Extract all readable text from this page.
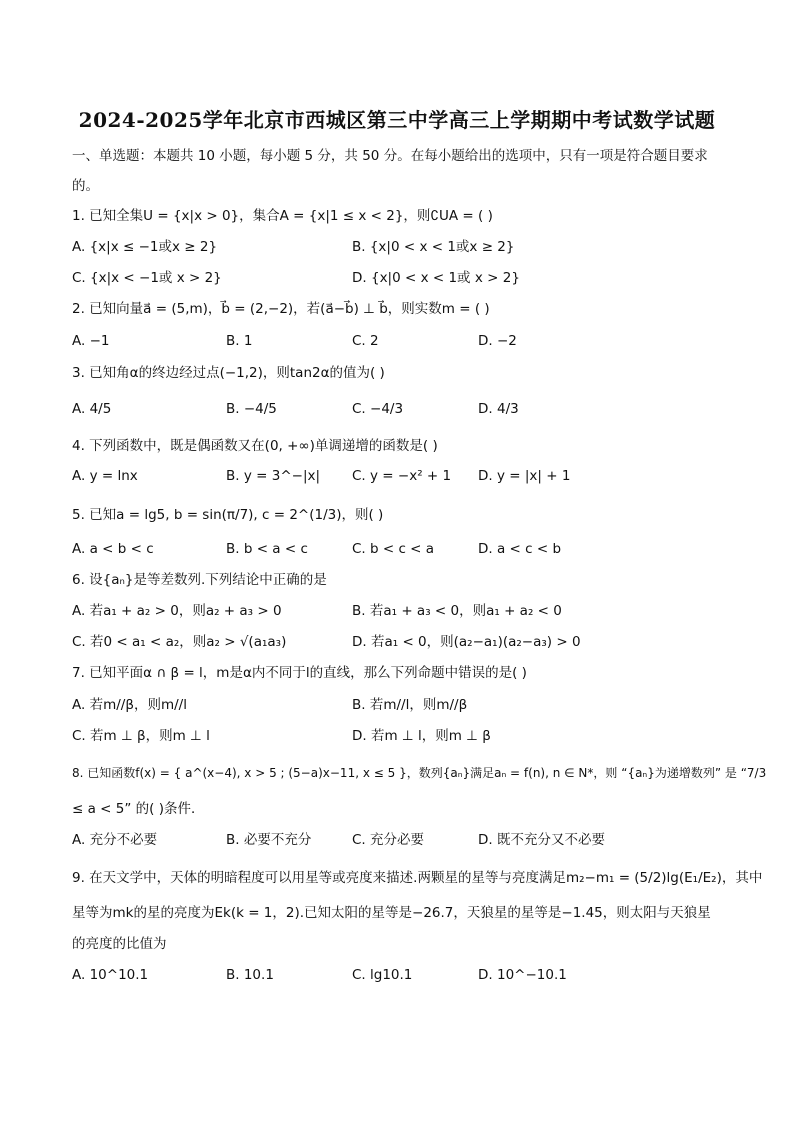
2024-2025学年北京市西城区第三中学高三上学期期中考试数学试题
一、单选题：本题共 10 小题，每小题 5 分，共 50 分。在每小题给出的选项中，只有一项是符合题目要求
的。
1. 已知全集U = {x|x > 0}，集合A = {x|1 ≤ x < 2}，则∁UA = ( )
A. {x|x ≤ −1或x ≥ 2}	B. {x|0 < x < 1或x ≥ 2}
C. {x|x < −1或 x > 2}	D. {x|0 < x < 1或 x > 2}
2. 已知向量a⃗ = (5,m)，b⃗ = (2,−2)，若(a⃗−b⃗) ⊥ b⃗，则实数m = ( )
A. −1	B. 1	C. 2	D. −2
3. 已知角α的终边经过点(−1,2)，则tan2α的值为( )
A. 4/5	B. −4/5	C. −4/3	D. 4/3
4. 下列函数中，既是偶函数又在(0, +∞)单调递增的函数是( )
A. y = lnx	B. y = 3^−|x| C. y = −x² + 1 D. y = |x| + 1
5. 已知a = lg5, b = sin(π/7), c = 2^(1/3)，则( )
A. a < b < c	B. b < a < c	C. b < c < a	D. a < c < b
6. 设{aₙ}是等差数列.下列结论中正确的是
A. 若a₁ + a₂ > 0，则a₂ + a₃ > 0	B. 若a₁ + a₃ < 0，则a₁ + a₂ < 0
C. 若0 < a₁ < a₂，则a₂ > √(a₁a₃)	D. 若a₁ < 0，则(a₂−a₁)(a₂−a₃) > 0
7. 已知平面α ∩ β = l，m是α内不同于l的直线，那么下列命题中错误的是( )
A. 若m//β，则m//l	B. 若m//l，则m//β
C. 若m ⊥ β，则m ⊥ l	D. 若m ⊥ l，则m ⊥ β
8. 已知函数f(x) = { a^(x−4), x > 5 ; (5−a)x−11, x ≤ 5 }，数列{aₙ}满足aₙ = f(n), n ∈ N*，则 “{aₙ}为递增数列” 是 “7/3
≤ a < 5” 的( )条件．
A. 充分不必要	B. 必要不充分	C. 充分必要	D. 既不充分又不必要
9. 在天文学中，天体的明暗程度可以用星等或亮度来描述.两颗星的星等与亮度满足m₂−m₁ = (5/2)lg(E₁/E₂)，其中
星等为mk的星的亮度为Ek(k = 1，2).已知太阳的星等是−26.7，天狼星的星等是−1.45，则太阳与天狼星
的亮度的比值为
A. 10^10.1	B. 10.1	C. lg10.1	D. 10^−10.1
